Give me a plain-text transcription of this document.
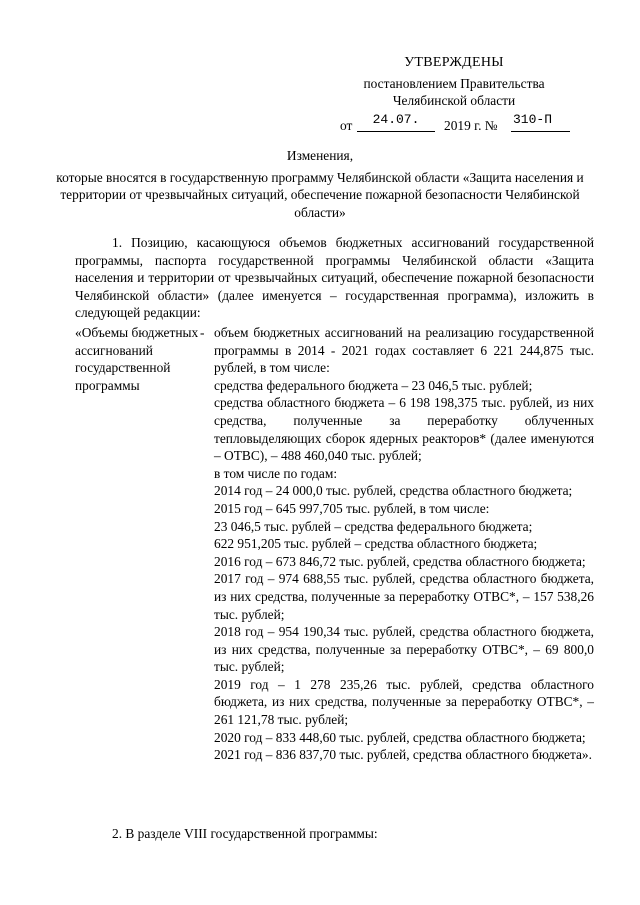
УТВЕРЖДЕНЫ
постановлением Правительства
Челябинской области
от	24.07.	2019 г. № 310-П
Изменения,
которые вносятся в государственную программу Челябинской области «Защита населения и территории от чрезвычайных ситуаций, обеспечение пожарной безопасности Челябинской области»
1. Позицию, касающуюся объемов бюджетных ассигнований государственной программы, паспорта государственной программы Челябинской области «Защита населения и территории от чрезвычайных ситуаций, обеспечение пожарной безопасности Челябинской области» (далее именуется – государственная программа), изложить в следующей редакции:
«Объемы бюджетных ассигнований государственной программы
- объем бюджетных ассигнований на реализацию государственной программы в 2014 - 2021 годах составляет 6 221 244,875 тыс. рублей, в том числе:
средства федерального бюджета – 23 046,5 тыс. рублей;
средства областного бюджета – 6 198 198,375 тыс. рублей, из них средства, полученные за переработку облученных тепловыделяющих сборок ядерных реакторов* (далее именуются – ОТВС), – 488 460,040 тыс. рублей;
в том числе по годам:
2014 год – 24 000,0 тыс. рублей, средства областного бюджета;
2015 год – 645 997,705 тыс. рублей, в том числе:
23 046,5 тыс. рублей – средства федерального бюджета;
622 951,205 тыс. рублей – средства областного бюджета;
2016 год – 673 846,72 тыс. рублей, средства областного бюджета;
2017 год – 974 688,55 тыс. рублей, средства областного бюджета, из них средства, полученные за переработку ОТВС*, – 157 538,26 тыс. рублей;
2018 год – 954 190,34 тыс. рублей, средства областного бюджета, из них средства, полученные за переработку ОТВС*, – 69 800,0 тыс. рублей;
2019 год – 1 278 235,26 тыс. рублей, средства областного бюджета, из них средства, полученные за переработку ОТВС*, – 261 121,78 тыс. рублей;
2020 год – 833 448,60 тыс. рублей, средства областного бюджета;
2021 год – 836 837,70 тыс. рублей, средства областного бюджета».
2. В разделе VIII государственной программы:
